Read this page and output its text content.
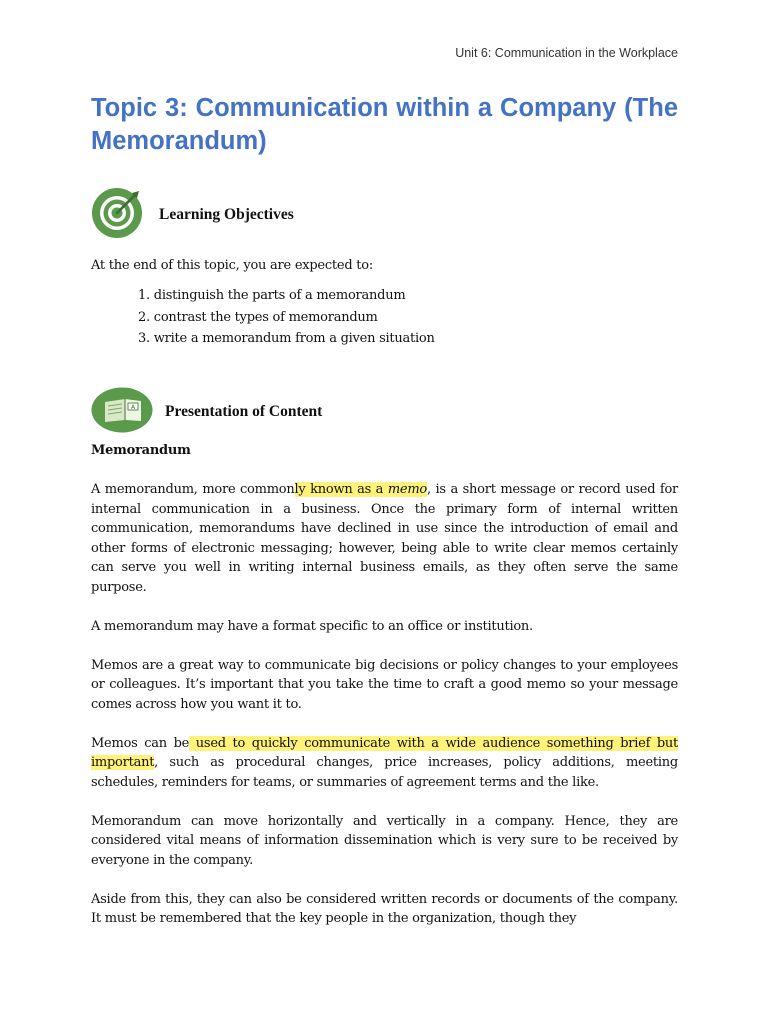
Unit 6: Communication in the Workplace
Topic 3: Communication within a Company (The Memorandum)
Learning Objectives

At the end of this topic, you are expected to:

1. distinguish the parts of a memorandum
2. contrast the types of memorandum
3. write a memorandum from a given situation
A Presentation of Content

Memorandum

A memorandum, more commonly known as a memo, is a short message or record used for internal communication in a business. Once the primary form of internal written communication, memorandums have declined in use since the introduction of email and other forms of electronic messaging; however, being able to write clear memos certainly can serve you well in writing internal business emails, as they often serve the same purpose.

A memorandum may have a format specific to an office or institution.

Memos are a great way to communicate big decisions or policy changes to your employees or colleagues. It’s important that you take the time to craft a good memo so your message comes across how you want it to.

Memos can be used to quickly communicate with a wide audience something brief but important, such as procedural changes, price increases, policy additions, meeting schedules, reminders for teams, or summaries of agreement terms and the like.

Memorandum can move horizontally and vertically in a company. Hence, they are considered vital means of information dissemination which is very sure to be received by everyone in the company.

Aside from this, they can also be considered written records or documents of the company. It must be remembered that the key people in the organization, though they
